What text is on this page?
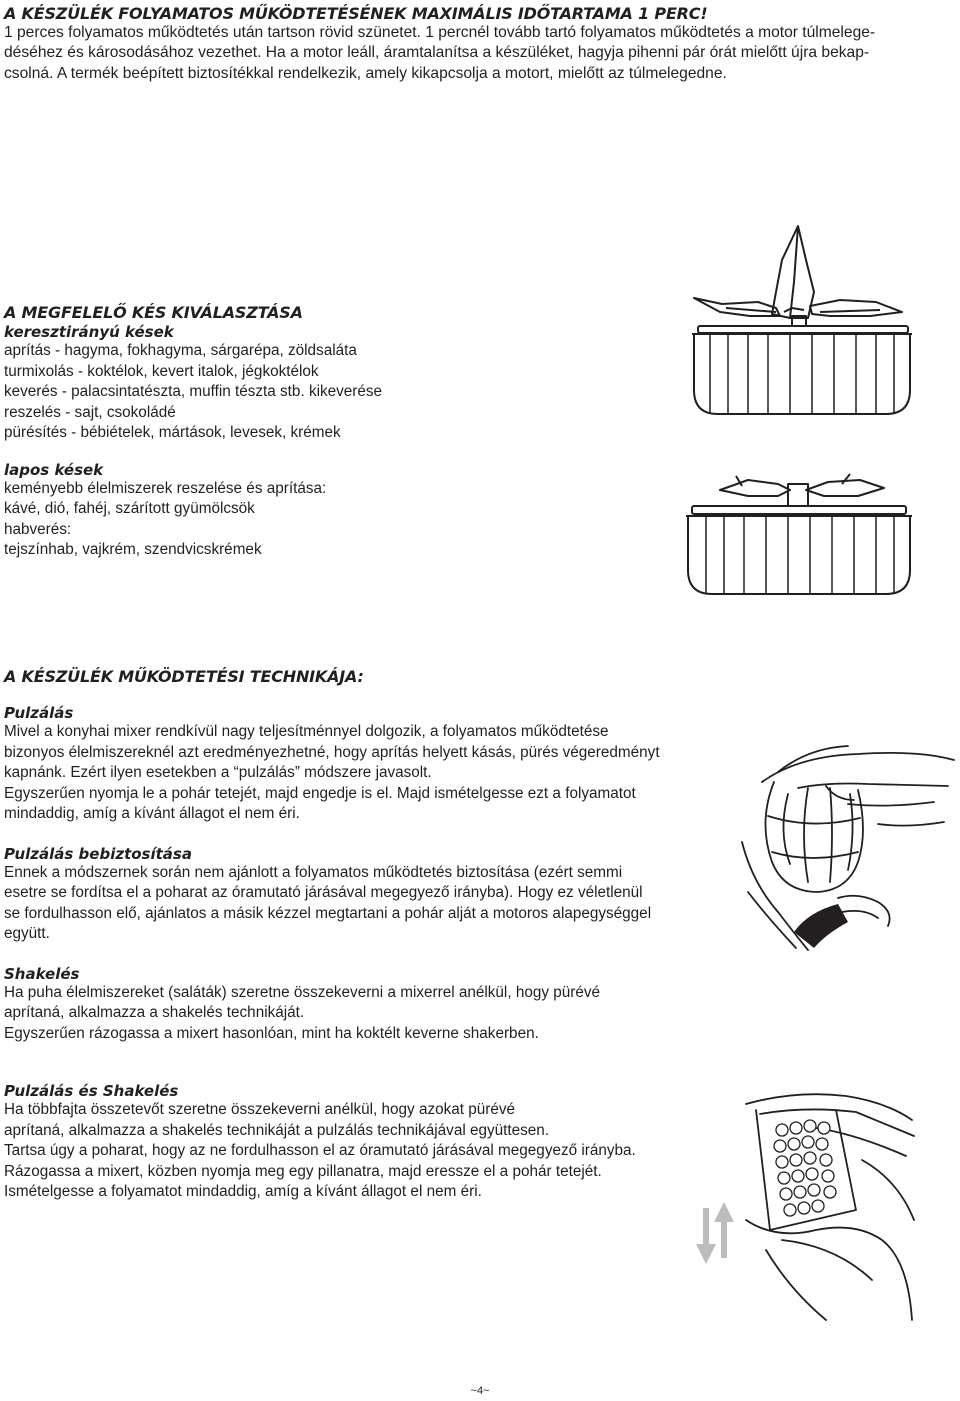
A KÉSZÜLÉK FOLYAMATOS MŰKÖDTETÉSÉNEK MAXIMÁLIS IDŐTARTAMA 1 PERC!

1 perces folyamatos működtetés után tartson rövid szünetet. 1 percnél tovább tartó folyamatos működtetés a motor túlmelege-

déséhez és károsodásához vezethet. Ha a motor leáll, áramtalanítsa a készüléket, hagyja pihenni pár órát mielőtt újra bekap-

csolná. A termék beépített biztosítékkal rendelkezik, amely kikapcsolja a motort, mielőtt az túlmelegedne.

A MEGFELELŐ KÉS KIVÁLASZTÁSA
keresztirányú kések

aprítás - hagyma, fokhagyma, sárgarépa, zöldsaláta

turmixolás - koktélok, kevert italok, jégkoktélok

keverés - palacsintatészta, muffin tészta stb. kikeverése

reszelés - sajt, csokoládé

pürésítés - bébiételek, mártások, levesek, krémek

lapos kések

keményebb élelmiszerek reszelése és aprítása:

kávé, dió, fahéj, szárított gyümölcsök

habverés:

tejszínhab, vajkrém, szendvicskrémek

A KÉSZÜLÉK MŰKÖDTETÉSI TECHNIKÁJA:
Pulzálás

Mivel a konyhai mixer rendkívül nagy teljesítménnyel dolgozik, a folyamatos működtetése

bizonyos élelmiszereknél azt eredményezhetné, hogy aprítás helyett kásás, pürés végeredményt

kapnánk. Ezért ilyen esetekben a “pulzálás” módszere javasolt.

Egyszerűen nyomja le a pohár tetejét, majd engedje is el. Majd ismételgesse ezt a folyamatot

mindaddig, amíg a kívánt állagot el nem éri.

Pulzálás bebiztosítása

Ennek a módszernek során nem ajánlott a folyamatos működtetés biztosítása (ezért semmi

esetre se fordítsa el a poharat az óramutató járásával megegyező irányba). Hogy ez véletlenül

se fordulhasson elő, ajánlatos a másik kézzel megtartani a pohár alját a motoros alapegységgel

együtt.

Shakelés

Ha puha élelmiszereket (saláták) szeretne összekeverni a mixerrel anélkül, hogy pürévé

aprítaná, alkalmazza a shakelés technikáját.

Egyszerűen rázogassa a mixert hasonlóan, mint ha koktélt keverne shakerben.

Pulzálás és Shakelés

Ha többfajta összetevőt szeretne összekeverni anélkül, hogy azokat pürévé

aprítaná, alkalmazza a shakelés technikáját a pulzálás technikájával együttesen.

Tartsa úgy a poharat, hogy az ne fordulhasson el az óramutató járásával megegyező irányba.

Rázogassa a mixert, közben nyomja meg egy pillanatra, majd eressze el a pohár tetejét.

Ismételgesse a folyamatot mindaddig, amíg a kívánt állagot el nem éri.

~4~
